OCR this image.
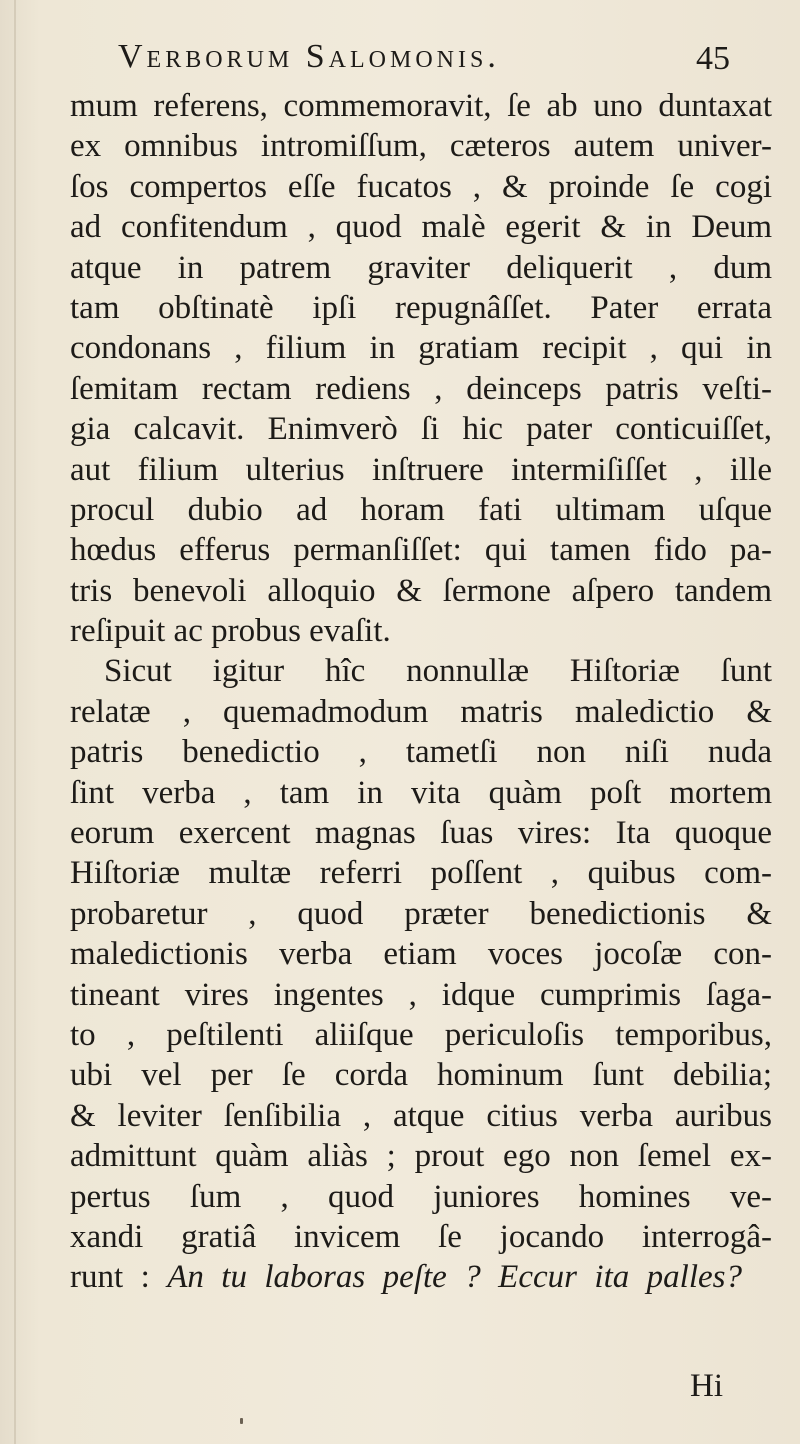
Verborum Salomonis.	45
mum referens, commemoravit, ſe ab uno duntaxat
ex omnibus intromiſſum, cæteros autem univer-
ſos compertos eſſe fucatos , & proinde ſe cogi
ad confitendum , quod malè egerit & in Deum
atque in patrem graviter deliquerit , dum
tam obſtinatè ipſi repugnâſſet. Pater errata
condonans , filium in gratiam recipit , qui in
ſemitam rectam rediens , deinceps patris veſti-
gia calcavit. Enimverò ſi hic pater conticuiſſet,
aut filium ulterius inſtruere intermiſiſſet , ille
procul dubio ad horam fati ultimam uſque
hœdus efferus permanſiſſet: qui tamen fido pa-
tris benevoli alloquio & ſermone aſpero tandem
reſipuit ac probus evaſit.
Sicut igitur hîc nonnullæ Hiſtoriæ ſunt
relatæ , quemadmodum matris maledictio &
patris benedictio , tametſi non niſi nuda
ſint verba , tam in vita quàm poſt mortem
eorum exercent magnas ſuas vires: Ita quoque
Hiſtoriæ multæ referri poſſent , quibus com-
probaretur , quod præter benedictionis &
maledictionis verba etiam voces jocoſæ con-
tineant vires ingentes , idque cumprimis ſaga-
to , peſtilenti aliiſque periculoſis temporibus,
ubi vel per ſe corda hominum ſunt debilia;
& leviter ſenſibilia , atque citius verba auribus
admittunt quàm aliàs ; prout ego non ſemel ex-
pertus ſum , quod juniores homines ve-
xandi gratiâ invicem ſe jocando interrogâ-
runt : An tu laboras peſte ? Eccur ita palles?
Hi
